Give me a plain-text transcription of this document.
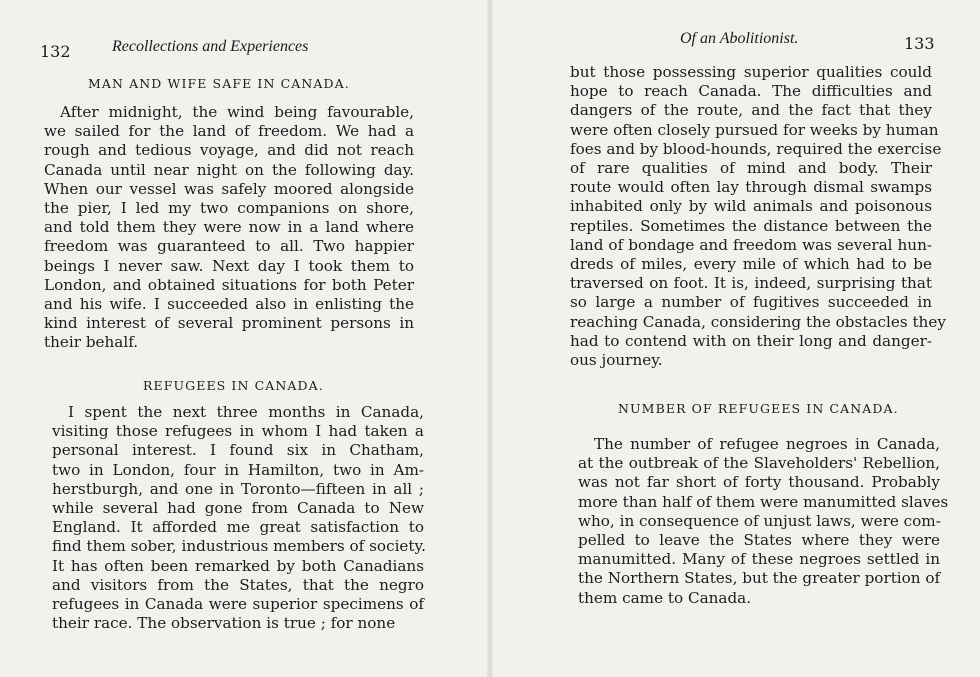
132	Recollections and Experiences
MAN AND WIFE SAFE IN CANADA.

After midnight, the wind being favourable,
we sailed for the land of freedom. We had a
rough and tedious voyage, and did not reach
Canada until near night on the following day.
When our vessel was safely moored alongside
the pier, I led my two companions on shore,
and told them they were now in a land where
freedom was guaranteed to all. Two happier
beings I never saw. Next day I took them to
London, and obtained situations for both Peter
and his wife. I succeeded also in enlisting the
kind interest of several prominent persons in
their behalf.

REFUGEES IN CANADA.

I spent the next three months in Canada,
visiting those refugees in whom I had taken a
personal interest. I found six in Chatham,
two in London, four in Hamilton, two in Am-
herstburgh, and one in Toronto—fifteen in all ;
while several had gone from Canada to New
England. It afforded me great satisfaction to
find them sober, industrious members of society.
It has often been remarked by both Canadians
and visitors from the States, that the negro
refugees in Canada were superior specimens of
their race. The observation is true ; for none

Of an Abolitionist.	133

but those possessing superior qualities could
hope to reach Canada. The difficulties and
dangers of the route, and the fact that they
were often closely pursued for weeks by human
foes and by blood-hounds, required the exercise
of rare qualities of mind and body. Their
route would often lay through dismal swamps
inhabited only by wild animals and poisonous
reptiles. Sometimes the distance between the
land of bondage and freedom was several hun-
dreds of miles, every mile of which had to be
traversed on foot. It is, indeed, surprising that
so large a number of fugitives succeeded in
reaching Canada, considering the obstacles they
had to contend with on their long and danger-
ous journey.

NUMBER OF REFUGEES IN CANADA.

The number of refugee negroes in Canada,
at the outbreak of the Slaveholders' Rebellion,
was not far short of forty thousand. Probably
more than half of them were manumitted slaves
who, in consequence of unjust laws, were com-
pelled to leave the States where they were
manumitted. Many of these negroes settled in
the Northern States, but the greater portion of
them came to Canada.
